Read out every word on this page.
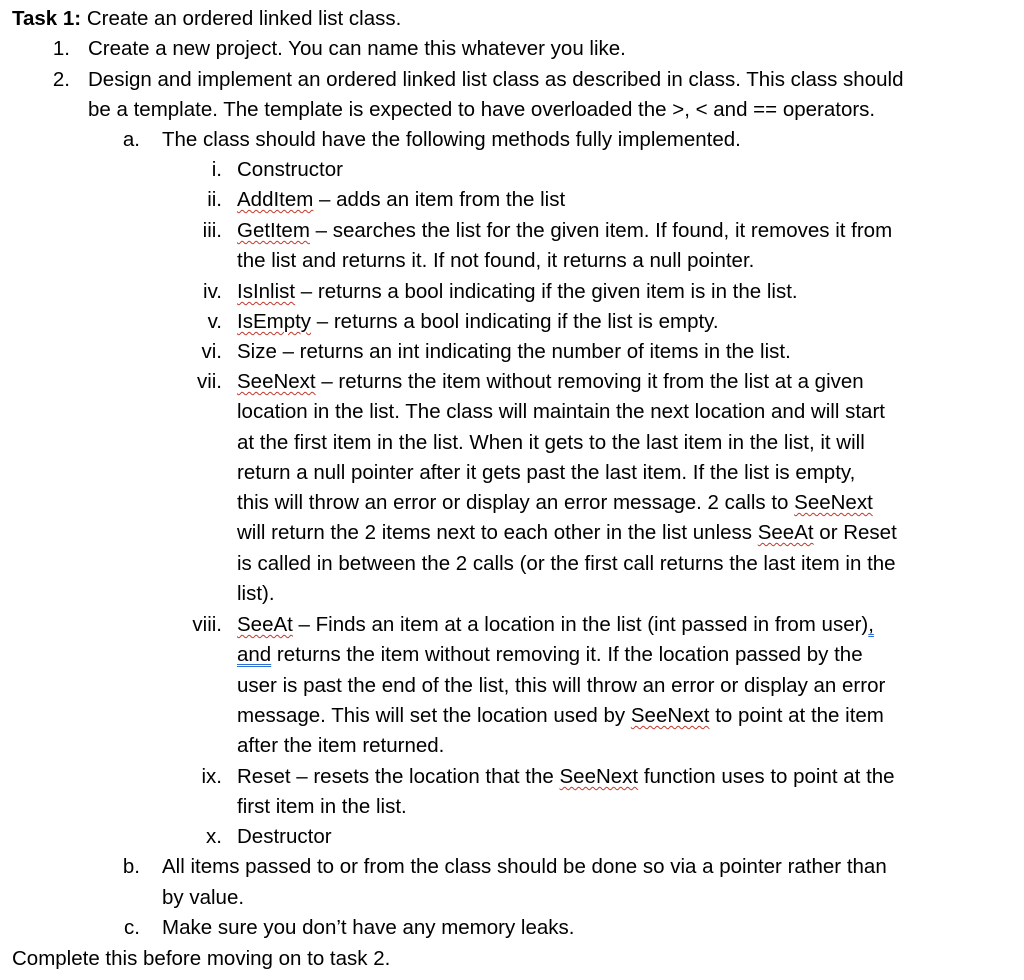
Task 1: Create an ordered linked list class.
1. Create a new project. You can name this whatever you like.
2. Design and implement an ordered linked list class as described in class. This class should
be a template. The template is expected to have overloaded the >, < and == operators.
a. The class should have the following methods fully implemented.
i. Constructor
ii. AddItem – adds an item from the list
iii. GetItem – searches the list for the given item. If found, it removes it from
the list and returns it. If not found, it returns a null pointer.
iv. IsInlist – returns a bool indicating if the given item is in the list.
v. IsEmpty – returns a bool indicating if the list is empty.
vi. Size – returns an int indicating the number of items in the list.
vii. SeeNext – returns the item without removing it from the list at a given
location in the list. The class will maintain the next location and will start
at the first item in the list. When it gets to the last item in the list, it will
return a null pointer after it gets past the last item. If the list is empty,
this will throw an error or display an error message. 2 calls to SeeNext
will return the 2 items next to each other in the list unless SeeAt or Reset
is called in between the 2 calls (or the first call returns the last item in the
list).
viii. SeeAt – Finds an item at a location in the list (int passed in from user),
and returns the item without removing it. If the location passed by the
user is past the end of the list, this will throw an error or display an error
message. This will set the location used by SeeNext to point at the item
after the item returned.
ix. Reset – resets the location that the SeeNext function uses to point at the
first item in the list.
x. Destructor
b. All items passed to or from the class should be done so via a pointer rather than
by value.
c. Make sure you don’t have any memory leaks.
Complete this before moving on to task 2.
